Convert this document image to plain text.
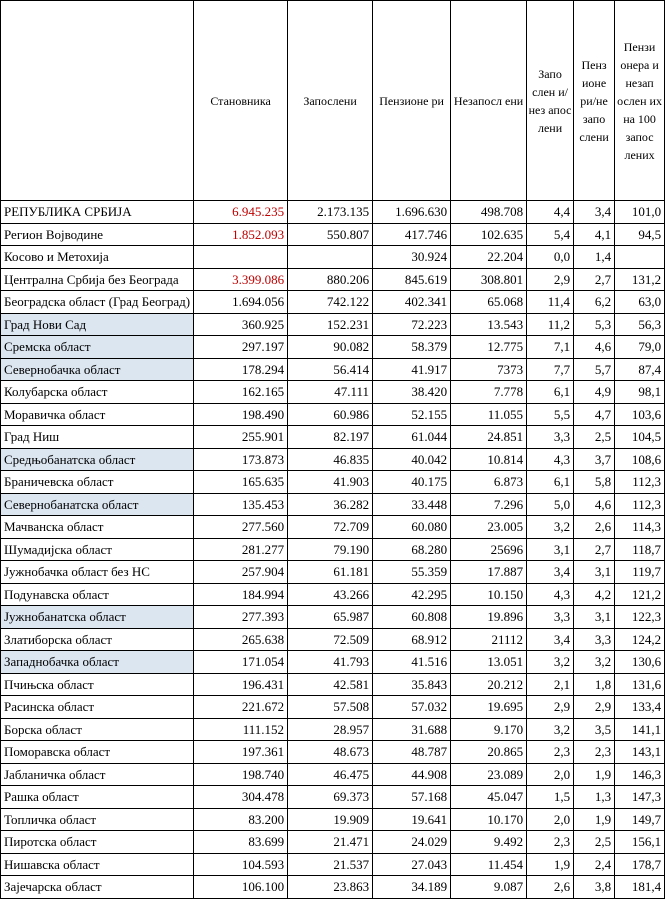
	Становника	Запослени	Пензионе ри	Незапосл ени	Запо слен и/нез апос лени	Пенз ионе ри/не запо слени	Пензи онера и незап ослен их на 100 запос лених
РЕПУБЛИКА СРБИЈА	6.945.235	2.173.135	1.696.630	498.708	4,4	3,4	101,0
Регион Војводине	1.852.093	550.807	417.746	102.635	5,4	4,1	94,5
Косово и Метохија			30.924	22.204	0,0	1,4	
Централна Србија без Београда	3.399.086	880.206	845.619	308.801	2,9	2,7	131,2
Београдска област (Град Београд)	1.694.056	742.122	402.341	65.068	11,4	6,2	63,0
Град Нови Сад	360.925	152.231	72.223	13.543	11,2	5,3	56,3
Сремска област	297.197	90.082	58.379	12.775	7,1	4,6	79,0
Севернобачка област	178.294	56.414	41.917	7373	7,7	5,7	87,4
Колубарска област	162.165	47.111	38.420	7.778	6,1	4,9	98,1
Моравичка област	198.490	60.986	52.155	11.055	5,5	4,7	103,6
Град Ниш	255.901	82.197	61.044	24.851	3,3	2,5	104,5
Средњобанатска област	173.873	46.835	40.042	10.814	4,3	3,7	108,6
Браничевска област	165.635	41.903	40.175	6.873	6,1	5,8	112,3
Севернобанатска област	135.453	36.282	33.448	7.296	5,0	4,6	112,3
Мачванска област	277.560	72.709	60.080	23.005	3,2	2,6	114,3
Шумадијска област	281.277	79.190	68.280	25696	3,1	2,7	118,7
Јужнобачка област без НС	257.904	61.181	55.359	17.887	3,4	3,1	119,7
Подунавска област	184.994	43.266	42.295	10.150	4,3	4,2	121,2
Јужнобанатска област	277.393	65.987	60.808	19.896	3,3	3,1	122,3
Златиборска област	265.638	72.509	68.912	21112	3,4	3,3	124,2
Западнобачка област	171.054	41.793	41.516	13.051	3,2	3,2	130,6
Пчињска област	196.431	42.581	35.843	20.212	2,1	1,8	131,6
Расинска област	221.672	57.508	57.032	19.695	2,9	2,9	133,4
Борска област	111.152	28.957	31.688	9.170	3,2	3,5	141,1
Поморавска област	197.361	48.673	48.787	20.865	2,3	2,3	143,1
Јабланичка област	198.740	46.475	44.908	23.089	2,0	1,9	146,3
Рашка област	304.478	69.373	57.168	45.047	1,5	1,3	147,3
Топличка област	83.200	19.909	19.641	10.170	2,0	1,9	149,7
Пиротска област	83.699	21.471	24.029	9.492	2,3	2,5	156,1
Нишавска област	104.593	21.537	27.043	11.454	1,9	2,4	178,7
Зајечарска област	106.100	23.863	34.189	9.087	2,6	3,8	181,4
